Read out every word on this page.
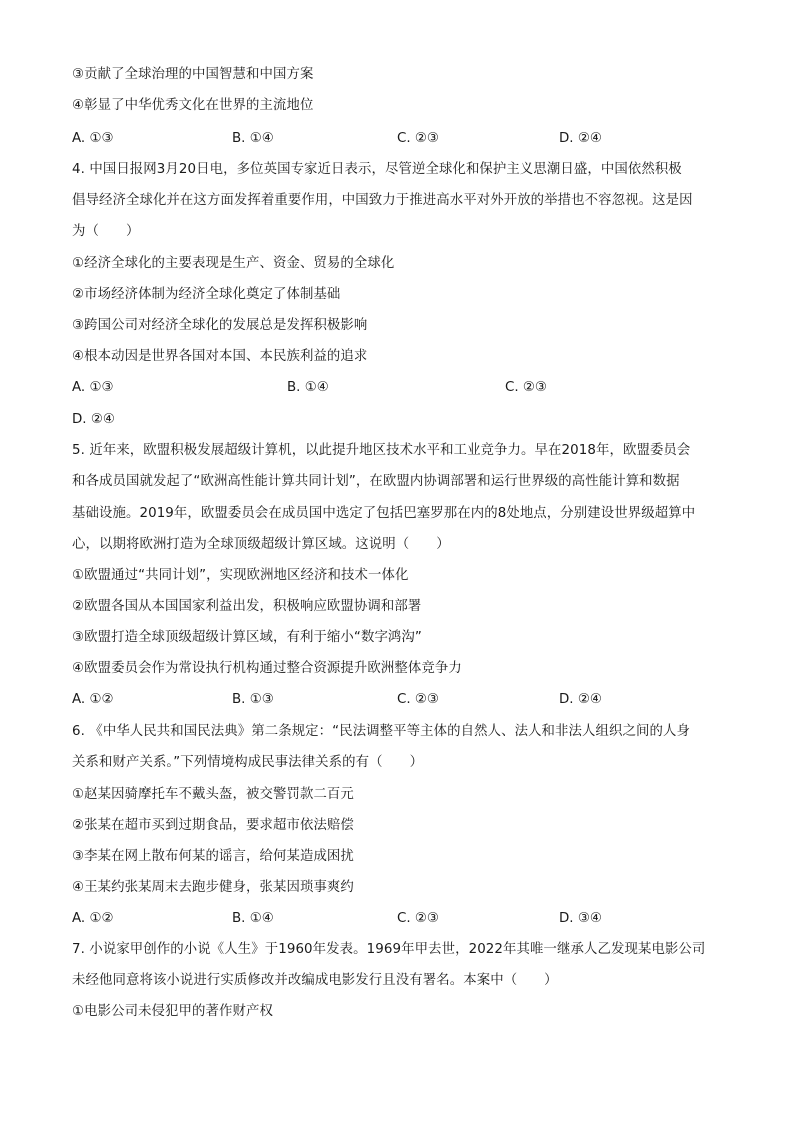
③贡献了全球治理的中国智慧和中国方案

④彰显了中华优秀文化在世界的主流地位

A. ①③	B. ①④	C. ②③	D. ②④

4. 中国日报网3月20日电，多位英国专家近日表示，尽管逆全球化和保护主义思潮日盛，中国依然积极

倡导经济全球化并在这方面发挥着重要作用，中国致力于推进高水平对外开放的举措也不容忽视。这是因

为（　　）

①经济全球化的主要表现是生产、资金、贸易的全球化

②市场经济体制为经济全球化奠定了体制基础

③跨国公司对经济全球化的发展总是发挥积极影响

④根本动因是世界各国对本国、本民族利益的追求

A. ①③	B. ①④	C. ②③

D. ②④

5. 近年来，欧盟积极发展超级计算机，以此提升地区技术水平和工业竞争力。早在2018年，欧盟委员会

和各成员国就发起了“欧洲高性能计算共同计划”，在欧盟内协调部署和运行世界级的高性能计算和数据

基础设施。2019年，欧盟委员会在成员国中选定了包括巴塞罗那在内的8处地点，分别建设世界级超算中

心，以期将欧洲打造为全球顶级超级计算区域。这说明（　　）

①欧盟通过“共同计划”，实现欧洲地区经济和技术一体化

②欧盟各国从本国国家利益出发，积极响应欧盟协调和部署

③欧盟打造全球顶级超级计算区域，有利于缩小“数字鸿沟”

④欧盟委员会作为常设执行机构通过整合资源提升欧洲整体竞争力

A. ①②	B. ①③	C. ②③	D. ②④

6. 《中华人民共和国民法典》第二条规定：“民法调整平等主体的自然人、法人和非法人组织之间的人身

关系和财产关系。”下列情境构成民事法律关系的有（　　）

①赵某因骑摩托车不戴头盔，被交警罚款二百元

②张某在超市买到过期食品，要求超市依法赔偿

③李某在网上散布何某的谣言，给何某造成困扰

④王某约张某周末去跑步健身，张某因琐事爽约

A. ①②	B. ①④	C. ②③	D. ③④

7. 小说家甲创作的小说《人生》于1960年发表。1969年甲去世，2022年其唯一继承人乙发现某电影公司

未经他同意将该小说进行实质修改并改编成电影发行且没有署名。本案中（　　）

①电影公司未侵犯甲的著作财产权
